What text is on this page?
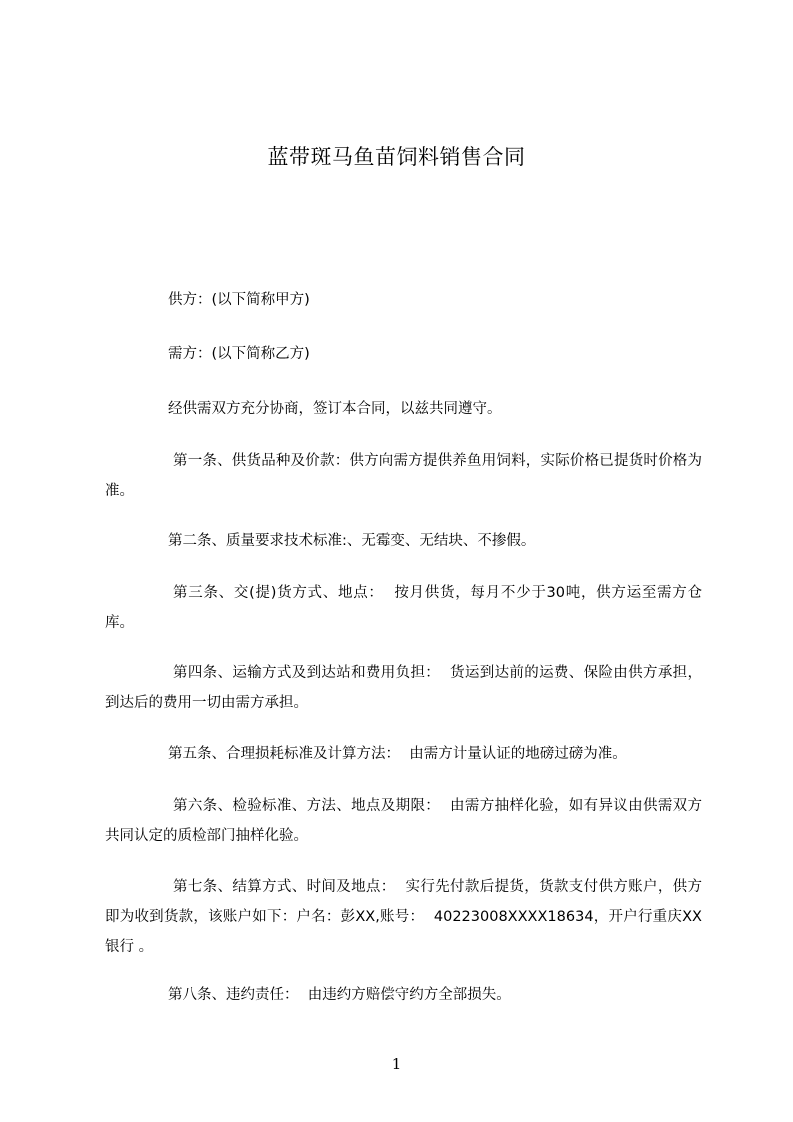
蓝带斑马鱼苗饲料销售合同
供方：(以下简称甲方)
需方：(以下简称乙方)
经供需双方充分协商，签订本合同，以兹共同遵守。
第一条、供货品种及价款：供方向需方提供养鱼用饲料，实际价格已提货时价格为准。
第二条、质量要求技术标准:、无霉变、无结块、不掺假。
第三条、交(提)货方式、地点：  按月供货，每月不少于30吨，供方运至需方仓库。
第四条、运输方式及到达站和费用负担：  货运到达前的运费、保险由供方承担，到达后的费用一切由需方承担。
第五条、合理损耗标准及计算方法：  由需方计量认证的地磅过磅为准。
第六条、检验标准、方法、地点及期限：  由需方抽样化验，如有异议由供需双方共同认定的质检部门抽样化验。
第七条、结算方式、时间及地点：  实行先付款后提货，货款支付供方账户，供方即为收到货款，该账户如下：户名：彭XX,账号：  40223008XXXX18634，开户行重庆XX银行 。
第八条、违约责任：  由违约方赔偿守约方全部损失。
1
